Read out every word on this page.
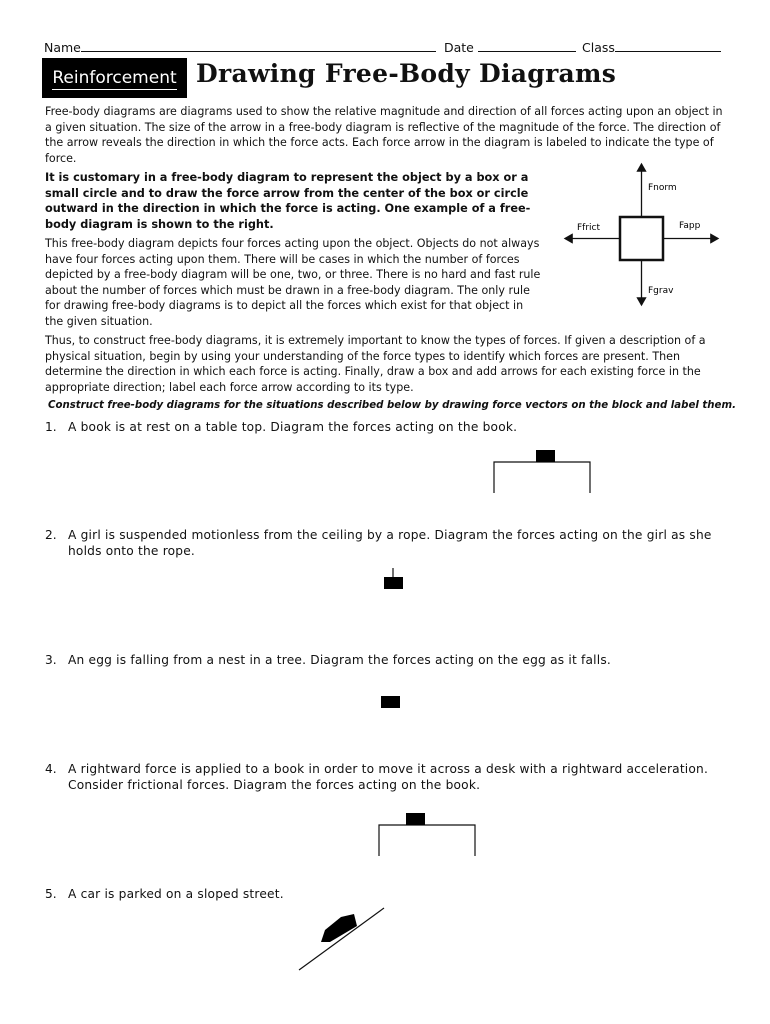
Name	Date	Class
Reinforcement Drawing Free-Body Diagrams
Free-body diagrams are diagrams used to show the relative magnitude and direction of all forces acting upon an object in a given situation. The size of the arrow in a free-body diagram is reflective of the magnitude of the force. The direction of the arrow reveals the direction in which the force acts. Each force arrow in the diagram is labeled to indicate the type of force.
It is customary in a free-body diagram to represent the object by a box or a small circle and to draw the force arrow from the center of the box or circle outward in the direction in which the force is acting. One example of a free-body diagram is shown to the right.
This free-body diagram depicts four forces acting upon the object. Objects do not always have four forces acting upon them. There will be cases in which the number of forces depicted by a free-body diagram will be one, two, or three. There is no hard and fast rule about the number of forces which must be drawn in a free-body diagram. The only rule for drawing free-body diagrams is to depict all the forces which exist for that object in the given situation.
Thus, to construct free-body diagrams, it is extremely important to know the types of forces. If given a description of a physical situation, begin by using your understanding of the force types to identify which forces are present. Then determine the direction in which each force is acting. Finally, draw a box and add arrows for each existing force in the appropriate direction; label each force arrow according to its type.
Construct free-body diagrams for the situations described below by drawing force vectors on the block and label them.
Fnorm
Fapp
Ffrict
Fgrav
1. A book is at rest on a table top. Diagram the forces acting on the book.
2. A girl is suspended motionless from the ceiling by a rope. Diagram the forces acting on the girl as she holds onto the rope.
3. An egg is falling from a nest in a tree. Diagram the forces acting on the egg as it falls.
4. A rightward force is applied to a book in order to move it across a desk with a rightward acceleration. Consider frictional forces. Diagram the forces acting on the book.
5. A car is parked on a sloped street.
